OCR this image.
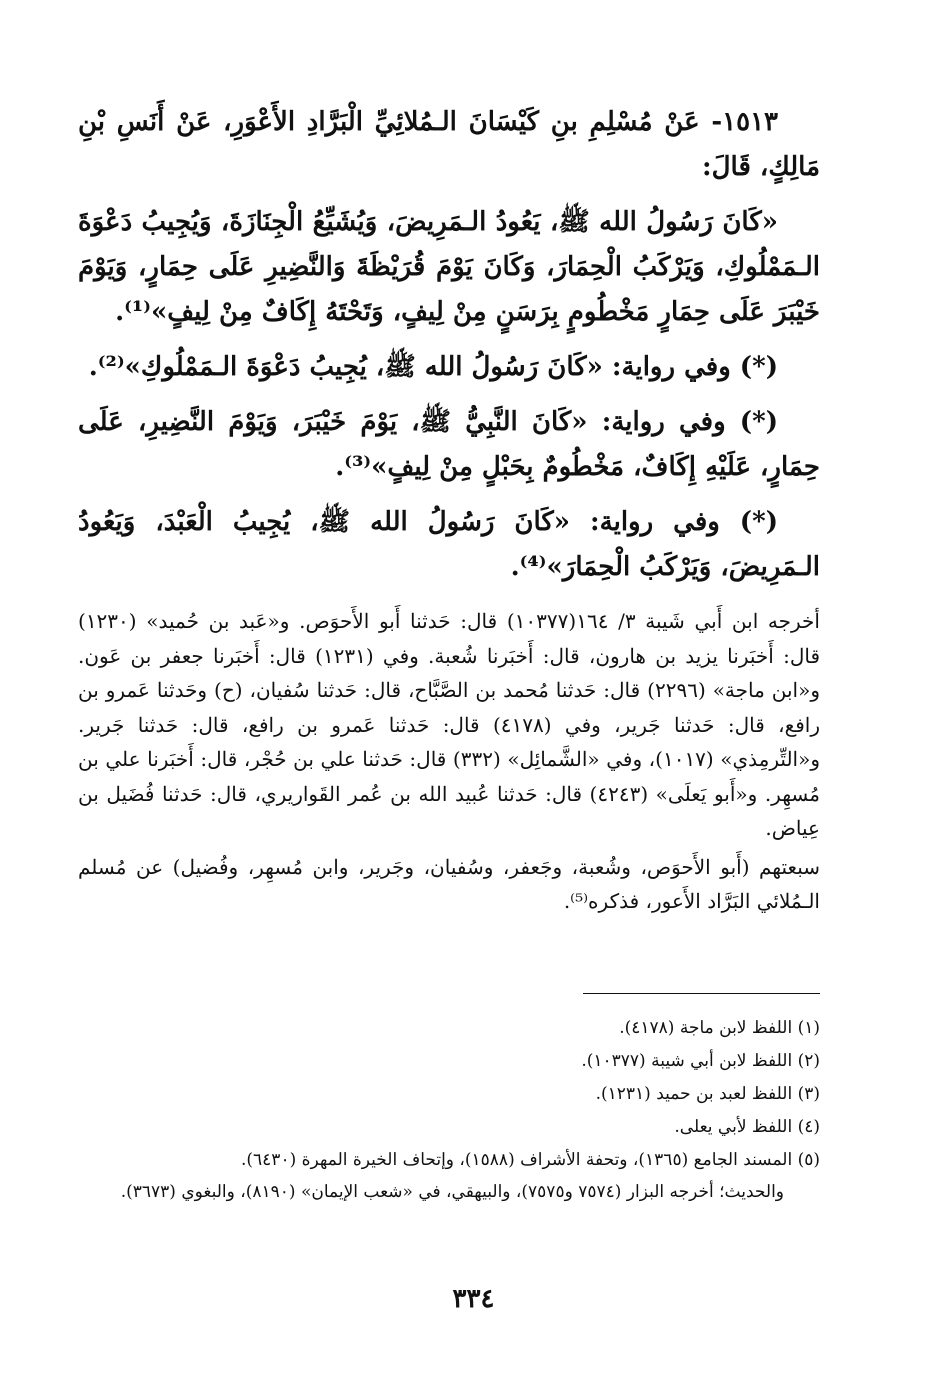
١٥١٣- عَنْ مُسْلِمِ بنِ كَيْسَانَ الـمُلائِيِّ الْبَرَّادِ الأَعْوَرِ، عَنْ أَنَسِ بْنِ مَالِكٍ، قَالَ:

«كَانَ رَسُولُ الله ﷺ، يَعُودُ الـمَرِيضَ، وَيُشَيِّعُ الْجِنَازَةَ، وَيُجِيبُ دَعْوَةَ الـمَمْلُوكِ، وَيَرْكَبُ الْحِمَارَ، وَكَانَ يَوْمَ قُرَيْظَةَ وَالنَّضِيرِ عَلَى حِمَارٍ، وَيَوْمَ خَيْبَرَ عَلَى حِمَارٍ مَخْطُومٍ بِرَسَنٍ مِنْ لِيفٍ، وَتَحْتَهُ إِكَافٌ مِنْ لِيفٍ»⁽¹⁾.

(*) وفي رواية: «كَانَ رَسُولُ الله ﷺ، يُجِيبُ دَعْوَةَ الـمَمْلُوكِ»⁽²⁾.

(*) وفي رواية: «كَانَ النَّبِيُّ ﷺ، يَوْمَ خَيْبَرَ، وَيَوْمَ النَّضِيرِ، عَلَى حِمَارٍ، عَلَيْهِ إِكَافٌ، مَخْطُومٌ بِحَبْلٍ مِنْ لِيفٍ»⁽³⁾.

(*) وفي رواية: «كَانَ رَسُولُ الله ﷺ، يُجِيبُ الْعَبْدَ، وَيَعُودُ الـمَرِيضَ، وَيَرْكَبُ الْحِمَارَ»⁽⁴⁾.

أخرجه ابن أَبي شَيبة ٣/ ١٦٤(١٠٣٧٧) قال: حَدثنا أَبو الأَحوَص. و«عَبد بن حُميد» (١٢٣٠) قال: أَخبَرنا يزيد بن هارون، قال: أَخبَرنا شُعبة. وفي (١٢٣١) قال: أَخبَرنا جعفر بن عَون. و«ابن ماجة» (٢٢٩٦) قال: حَدثنا مُحمد بن الصَّبَّاح، قال: حَدثنا سُفيان، (ح) وحَدثنا عَمرو بن رافع، قال: حَدثنا جَرير، وفي (٤١٧٨) قال: حَدثنا عَمرو بن رافع، قال: حَدثنا جَرير. و«التِّرمِذي» (١٠١٧)، وفي «الشَّمائِل» (٣٣٢) قال: حَدثنا علي بن حُجْر، قال: أَخبَرنا علي بن مُسهِر. و«أَبو يَعلَى» (٤٢٤٣) قال: حَدثنا عُبيد الله بن عُمر القَواريري، قال: حَدثنا فُضَيل بن عِياض.

سبعتهم (أَبو الأَحوَص، وشُعبة، وجَعفر، وسُفيان، وجَرير، وابن مُسهِر، وفُضيل) عن مُسلم الـمُلائي البَرَّاد الأَعور، فذكره⁽⁵⁾.

(١) اللفظ لابن ماجة (٤١٧٨).

(٢) اللفظ لابن أبي شيبة (١٠٣٧٧).

(٣) اللفظ لعبد بن حميد (١٢٣١).

(٤) اللفظ لأبي يعلى.

(٥) المسند الجامع (١٣٦٥)، وتحفة الأشراف (١٥٨٨)، وإتحاف الخيرة المهرة (٦٤٣٠).

والحديث؛ أخرجه البزار (٧٥٧٤ و٧٥٧٥)، والبيهقي، في «شعب الإيمان» (٨١٩٠)، والبغوي (٣٦٧٣).

٣٣٤
